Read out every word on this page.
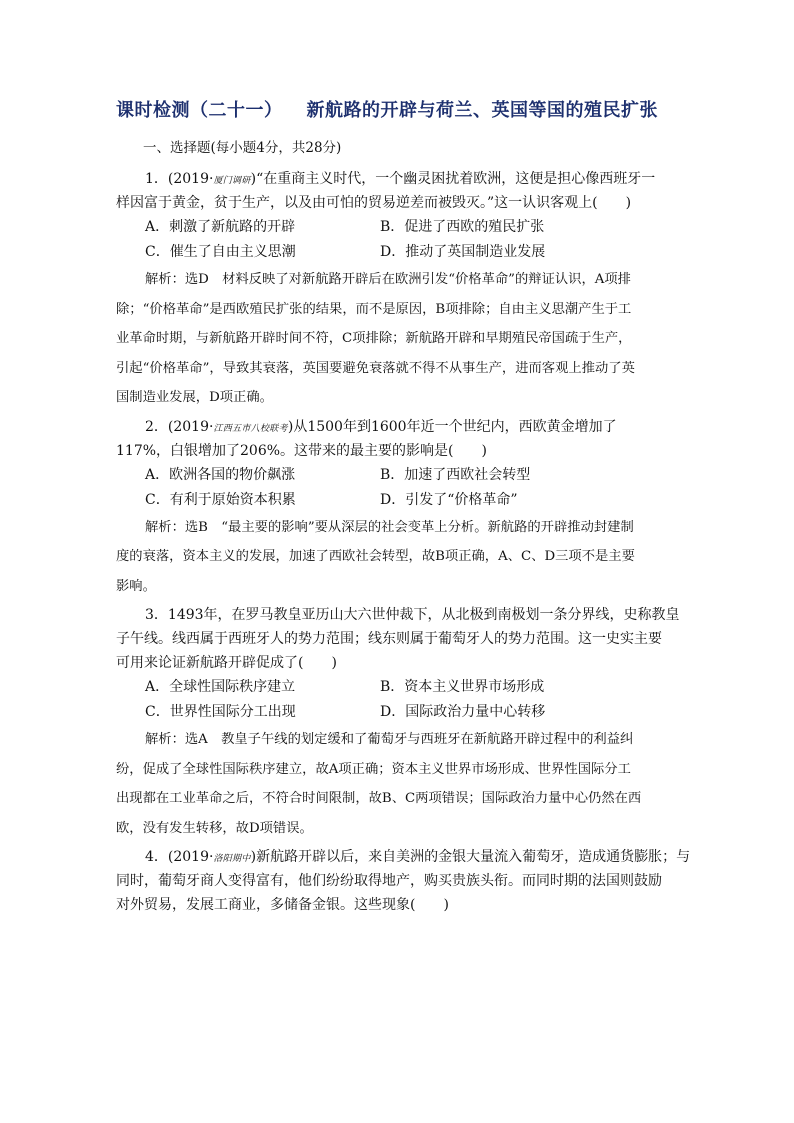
课时检测（二十一） 新航路的开辟与荷兰、英国等国的殖民扩张
一、选择题(每小题4分，共28分)
1．(2019·厦门调研)“在重商主义时代，一个幽灵困扰着欧洲，这便是担心像西班牙一
样因富于黄金，贫于生产，以及由可怕的贸易逆差而被毁灭。”这一认识客观上(　　)
A．刺激了新航路的开辟	B．促进了西欧的殖民扩张
C．催生了自由主义思潮	D．推动了英国制造业发展
解析：选D　材料反映了对新航路开辟后在欧洲引发“价格革命”的辩证认识，A项排
除；“价格革命”是西欧殖民扩张的结果，而不是原因，B项排除；自由主义思潮产生于工
业革命时期，与新航路开辟时间不符，C项排除；新航路开辟和早期殖民帝国疏于生产，
引起“价格革命”，导致其衰落，英国要避免衰落就不得不从事生产，进而客观上推动了英
国制造业发展，D项正确。
2．(2019·江西五市八校联考)从1500年到1600年近一个世纪内，西欧黄金增加了
117%，白银增加了206%。这带来的最主要的影响是(　　)
A．欧洲各国的物价飙涨	B．加速了西欧社会转型
C．有利于原始资本积累	D．引发了“价格革命”
解析：选B　“最主要的影响”要从深层的社会变革上分析。新航路的开辟推动封建制
度的衰落，资本主义的发展，加速了西欧社会转型，故B项正确，A、C、D三项不是主要
影响。
3．1493年，在罗马教皇亚历山大六世仲裁下，从北极到南极划一条分界线，史称教皇
子午线。线西属于西班牙人的势力范围；线东则属于葡萄牙人的势力范围。这一史实主要
可用来论证新航路开辟促成了(　　)
A．全球性国际秩序建立	B．资本主义世界市场形成
C．世界性国际分工出现	D．国际政治力量中心转移
解析：选A　教皇子午线的划定缓和了葡萄牙与西班牙在新航路开辟过程中的利益纠
纷，促成了全球性国际秩序建立，故A项正确；资本主义世界市场形成、世界性国际分工
出现都在工业革命之后，不符合时间限制，故B、C两项错误；国际政治力量中心仍然在西
欧，没有发生转移，故D项错误。
4．(2019·洛阳期中)新航路开辟以后，来自美洲的金银大量流入葡萄牙，造成通货膨胀；与
同时，葡萄牙商人变得富有，他们纷纷取得地产，购买贵族头衔。而同时期的法国则鼓励
对外贸易，发展工商业，多储备金银。这些现象(　　)
